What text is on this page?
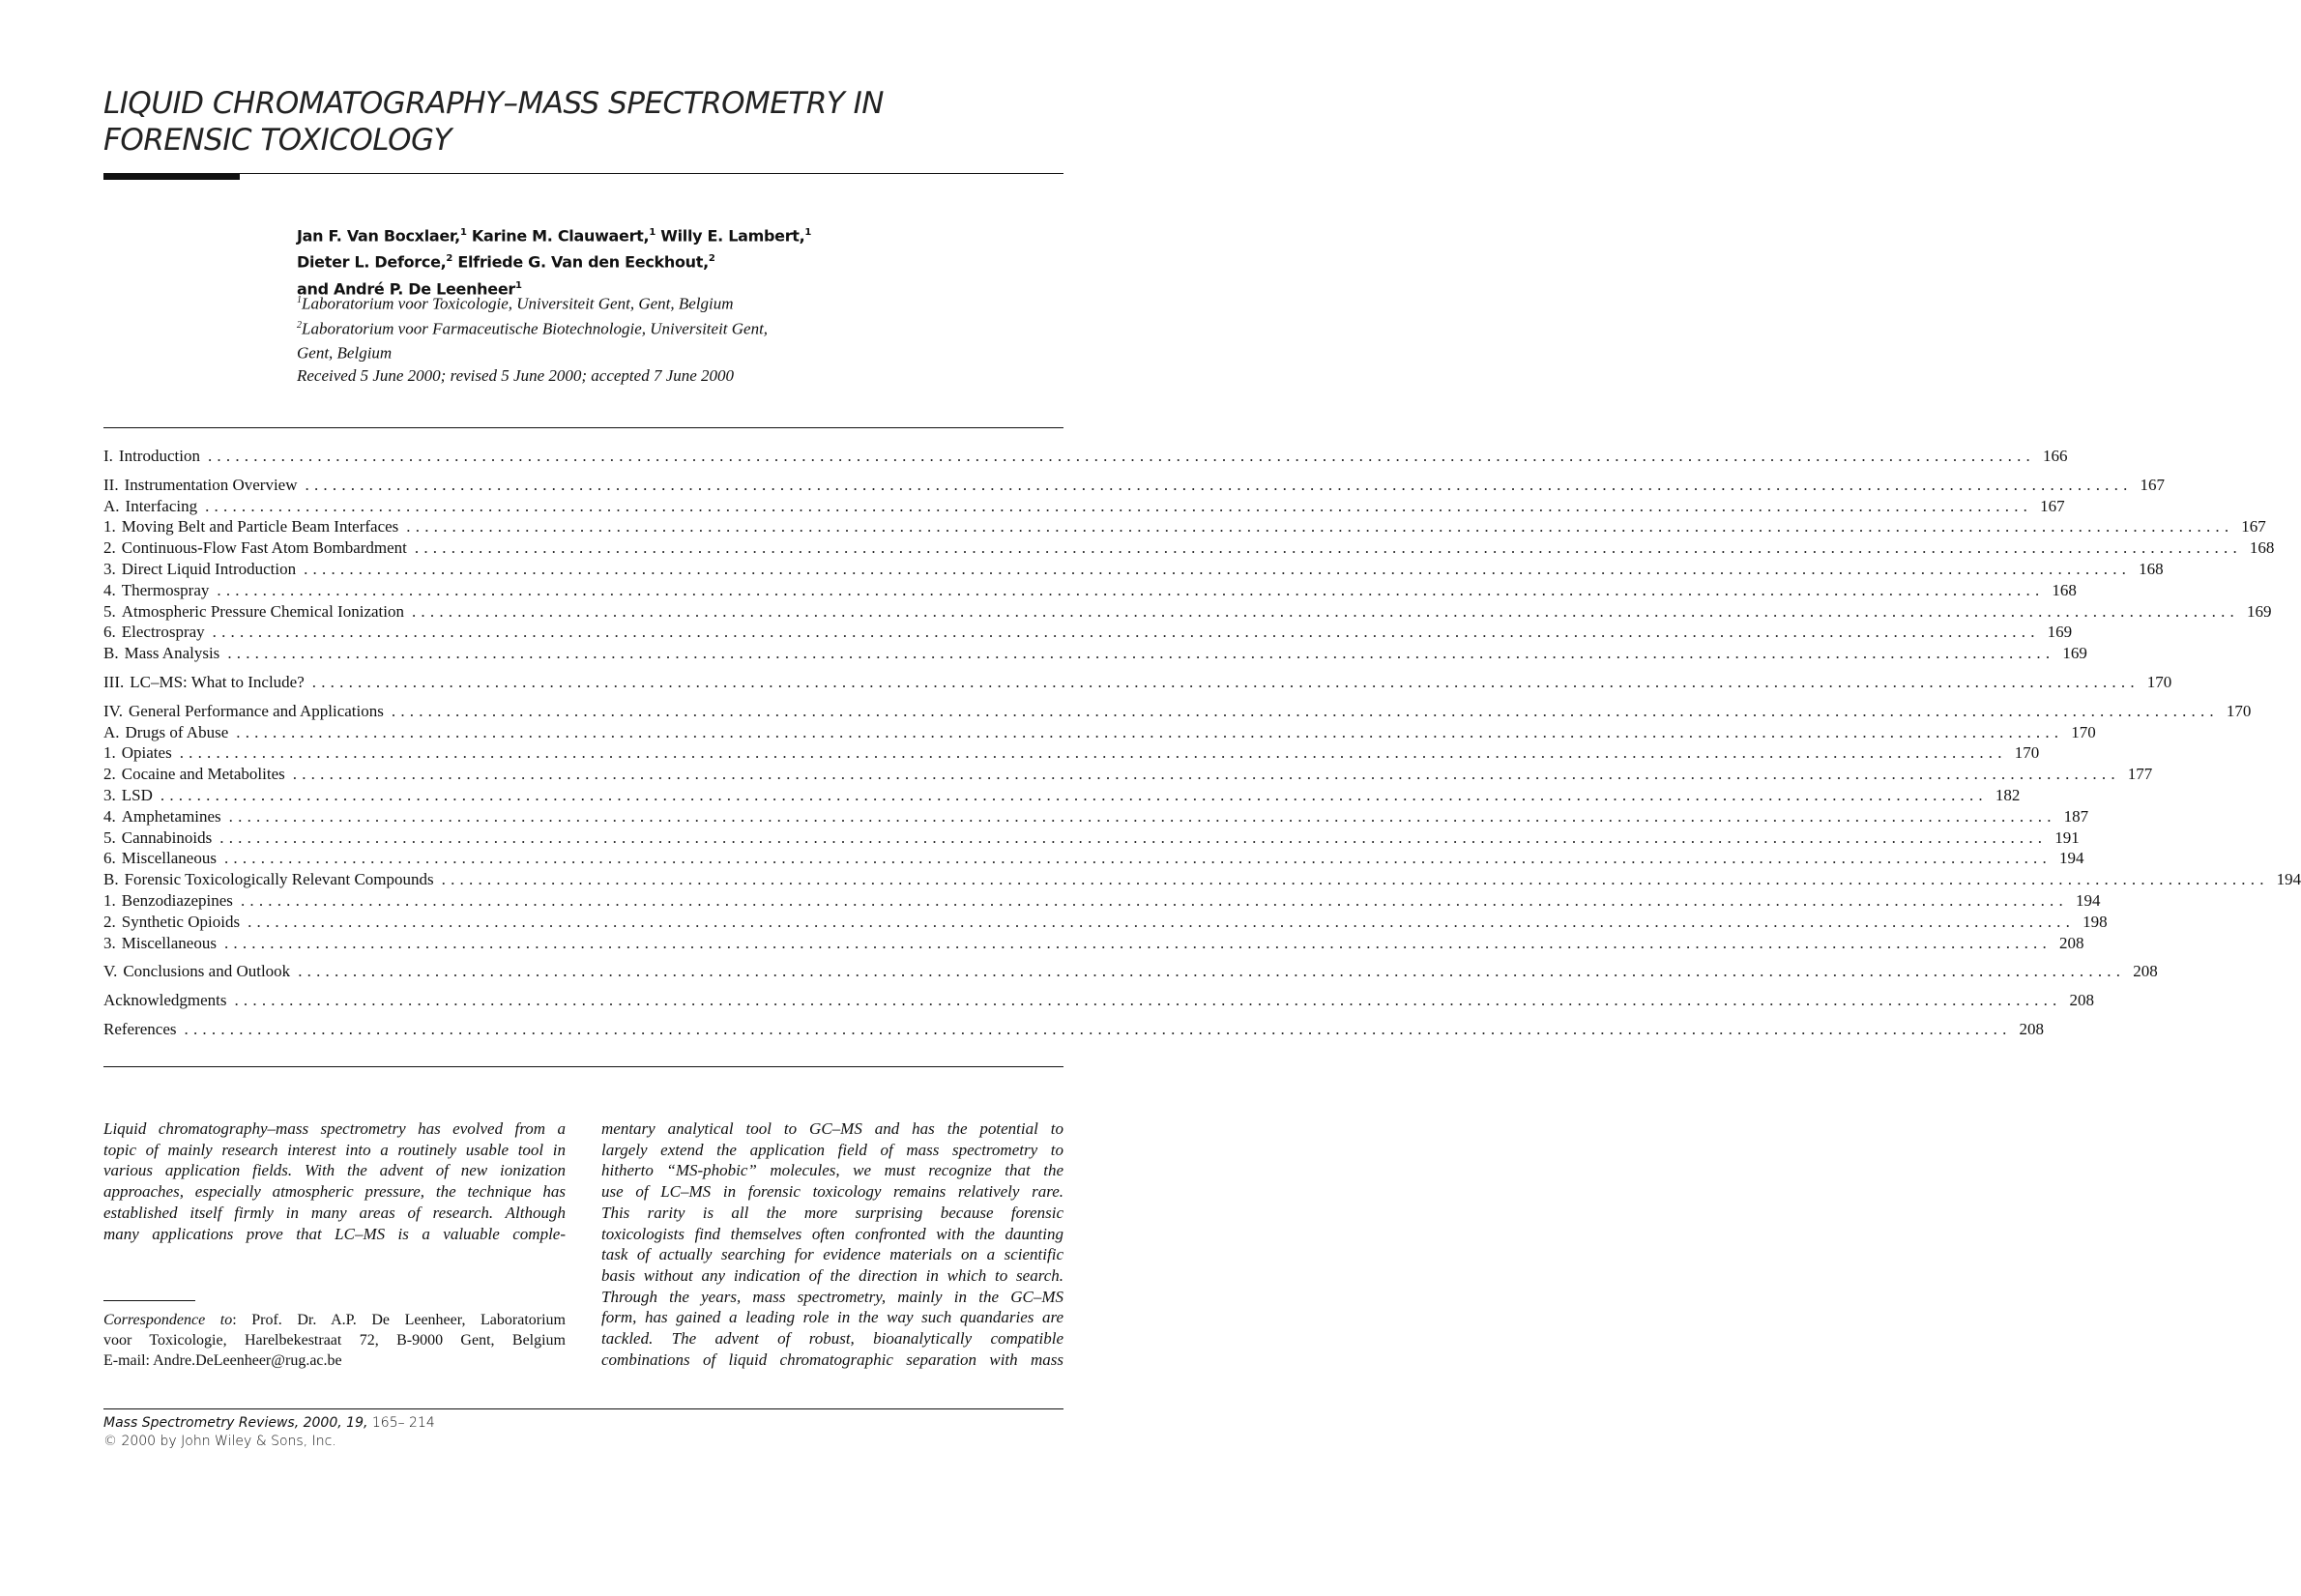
LIQUID CHROMATOGRAPHY–MASS SPECTROMETRY IN
FORENSIC TOXICOLOGY
Jan F. Van Bocxlaer,$^1$ Karine M. Clauwaert,$^1$ Willy E. Lambert,$^1$
Dieter L. Deforce,$^2$ Elfriede G. Van den Eeckhout,$^2$
and André P. De Leenheer$^1$
$^1$Laboratorium voor Toxicologie, Universiteit Gent, Gent, Belgium
$^2$Laboratorium voor Farmaceutische Biotechnologie, Universiteit Gent,
Gent, Belgium
Received 5 June 2000; revised 5 June 2000; accepted 7 June 2000
I. Introduction ........................................................................................................................................................................................................ 166
II. Instrumentation Overview ........................................................................................................................................................................................................ 167
A. Interfacing ........................................................................................................................................................................................................ 167
1. Moving Belt and Particle Beam Interfaces ........................................................................................................................................................................................................ 167
2. Continuous-Flow Fast Atom Bombardment ........................................................................................................................................................................................................ 168
3. Direct Liquid Introduction ........................................................................................................................................................................................................ 168
4. Thermospray ........................................................................................................................................................................................................ 168
5. Atmospheric Pressure Chemical Ionization ........................................................................................................................................................................................................ 169
6. Electrospray ........................................................................................................................................................................................................ 169
B. Mass Analysis ........................................................................................................................................................................................................ 169
III. LC–MS: What to Include? ........................................................................................................................................................................................................ 170
IV. General Performance and Applications ........................................................................................................................................................................................................ 170
A. Drugs of Abuse ........................................................................................................................................................................................................ 170
1. Opiates ........................................................................................................................................................................................................ 170
2. Cocaine and Metabolites ........................................................................................................................................................................................................ 177
3. LSD ........................................................................................................................................................................................................ 182
4. Amphetamines ........................................................................................................................................................................................................ 187
5. Cannabinoids ........................................................................................................................................................................................................ 191
6. Miscellaneous ........................................................................................................................................................................................................ 194
B. Forensic Toxicologically Relevant Compounds ........................................................................................................................................................................................................ 194
1. Benzodiazepines ........................................................................................................................................................................................................ 194
2. Synthetic Opioids ........................................................................................................................................................................................................ 198
3. Miscellaneous ........................................................................................................................................................................................................ 208
V. Conclusions and Outlook ........................................................................................................................................................................................................ 208
Acknowledgments ........................................................................................................................................................................................................ 208
References ........................................................................................................................................................................................................ 208
Liquid chromatography–mass spectrometry has evolved from a
topic of mainly research interest into a routinely usable tool in
various application fields. With the advent of new ionization
approaches, especially atmospheric pressure, the technique has
established itself firmly in many areas of research. Although
many applications prove that LC–MS is a valuable comple-
mentary analytical tool to GC–MS and has the potential to
largely extend the application field of mass spectrometry to
hitherto “MS-phobic” molecules, we must recognize that the
use of LC–MS in forensic toxicology remains relatively rare.
This rarity is all the more surprising because forensic
toxicologists find themselves often confronted with the daunting
task of actually searching for evidence materials on a scientific
basis without any indication of the direction in which to search.
Through the years, mass spectrometry, mainly in the GC–MS
form, has gained a leading role in the way such quandaries are
tackled. The advent of robust, bioanalytically compatible
combinations of liquid chromatographic separation with mass
Correspondence to: Prof. Dr. A.P. De Leenheer, Laboratorium
voor Toxicologie, Harelbekestraat 72, B-9000 Gent, Belgium
E-mail: Andre.DeLeenheer@rug.ac.be
Mass Spectrometry Reviews, 2000, 19, 165– 214
© 2000 by John Wiley & Sons, Inc.
